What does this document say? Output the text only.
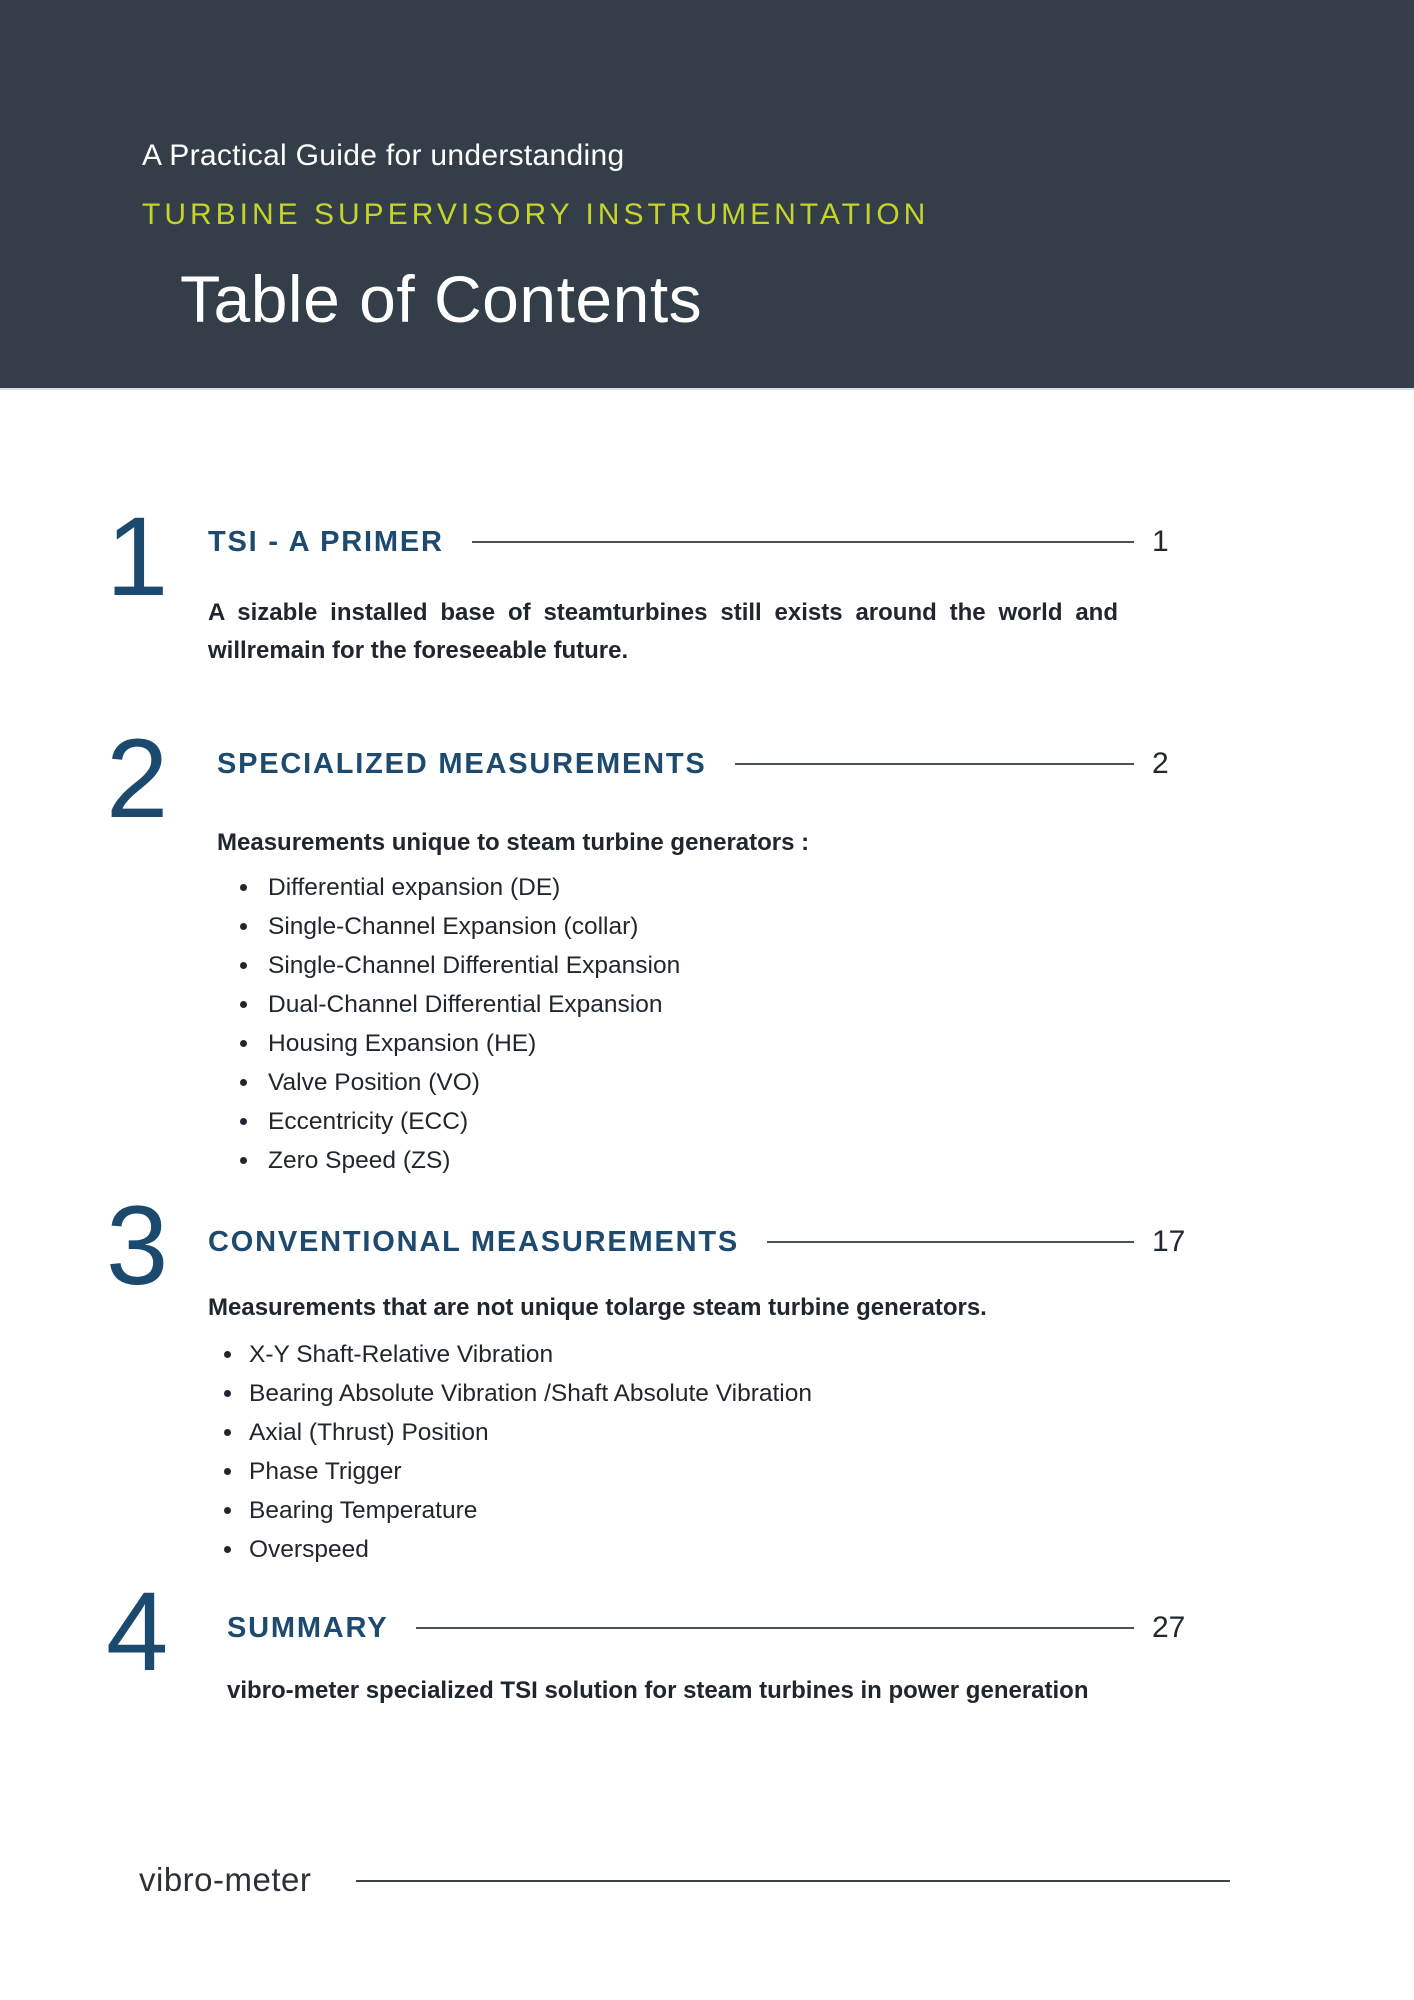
A Practical Guide for understanding
TURBINE SUPERVISORY INSTRUMENTATION
Table of Contents
1 TSI - A PRIMER	1
A sizable installed base of steamturbines still exists around the world and willremain for the foreseeable future.
2 SPECIALIZED MEASUREMENTS	2
Measurements unique to steam turbine generators :
Differential expansion (DE)
Single-Channel Expansion (collar)
Single-Channel Differential Expansion
Dual-Channel Differential Expansion
Housing Expansion (HE)
Valve Position (VO)
Eccentricity (ECC)
Zero Speed (ZS)
3 CONVENTIONAL MEASUREMENTS	17
Measurements that are not unique tolarge steam turbine generators.
X-Y Shaft-Relative Vibration
Bearing Absolute Vibration /Shaft Absolute Vibration
Axial (Thrust) Position
Phase Trigger
Bearing Temperature
Overspeed
4 SUMMARY	27
vibro-meter specialized TSI solution for steam turbines in power generation
vibro-meter
